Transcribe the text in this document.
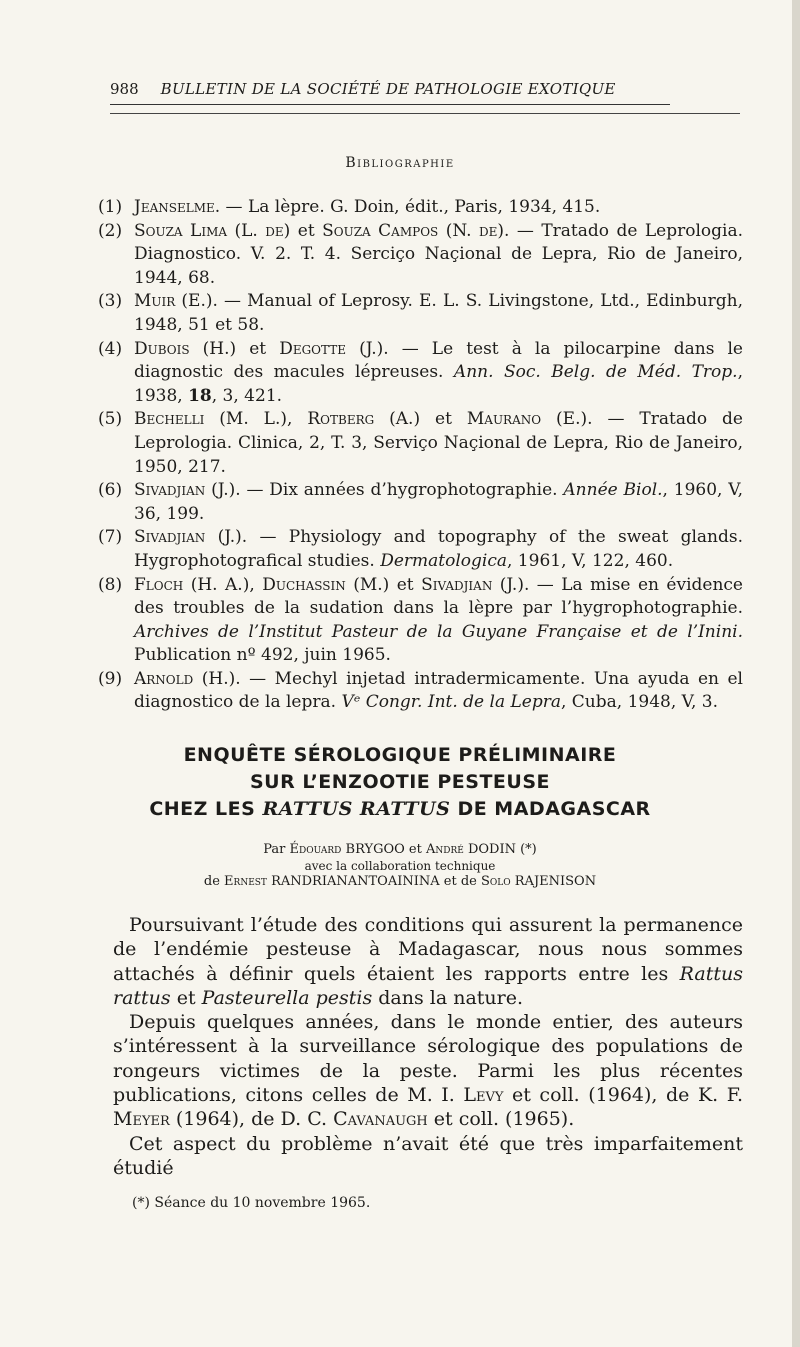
988 BULLETIN DE LA SOCIÉTÉ DE PATHOLOGIE EXOTIQUE
Bibliographie

(1) Jeanselme. — La lèpre. G. Doin, édit., Paris, 1934, 415.

(2) Souza Lima (L. de) et Souza Campos (N. de). — Tratado de Leprologia. Diagnostico. V. 2. T. 4. Serciço Naçional de Lepra, Rio de Janeiro, 1944, 68.

(3) Muir (E.). — Manual of Leprosy. E. L. S. Livingstone, Ltd., Edinburgh, 1948, 51 et 58.

(4) Dubois (H.) et Degotte (J.). — Le test à la pilocarpine dans le diagnostic des macules lépreuses. Ann. Soc. Belg. de Méd. Trop., 1938, 18, 3, 421.

(5) Bechelli (M. L.), Rotberg (A.) et Maurano (E.). — Tratado de Leprologia. Clinica, 2, T. 3, Serviço Naçional de Lepra, Rio de Janeiro, 1950, 217.

(6) Sivadjian (J.). — Dix années d’hygrophotographie. Année Biol., 1960, V, 36, 199.

(7) Sivadjian (J.). — Physiology and topography of the sweat glands. Hygrophotografical studies. Dermatologica, 1961, V, 122, 460.

(8) Floch (H. A.), Duchassin (M.) et Sivadjian (J.). — La mise en évidence des troubles de la sudation dans la lèpre par l’hygrophotographie. Archives de l’Institut Pasteur de la Guyane Française et de l’Inini. Publication nº 492, juin 1965.

(9) Arnold (H.). — Mechyl injetad intradermicamente. Una ayuda en el diagnostico de la lepra. Vᵉ Congr. Int. de la Lepra, Cuba, 1948, V, 3.

ENQUÊTE SÉROLOGIQUE PRÉLIMINAIRE
SUR L’ENZOOTIE PESTEUSE
CHEZ LES RATTUS RATTUS DE MADAGASCAR
Par Édouard BRYGOO et André DODIN (*)
avec la collaboration technique
de Ernest RANDRIANANTOAININA et de Solo RAJENISON

Poursuivant l’étude des conditions qui assurent la permanence de l’endémie pesteuse à Madagascar, nous nous sommes attachés à définir quels étaient les rapports entre les Rattus rattus et Pasteurella pestis dans la nature.

Depuis quelques années, dans le monde entier, des auteurs s’intéressent à la surveillance sérologique des populations de rongeurs victimes de la peste. Parmi les plus récentes publications, citons celles de M. I. Levy et coll. (1964), de K. F. Meyer (1964), de D. C. Cavanaugh et coll. (1965).

Cet aspect du problème n’avait été que très imparfaitement étudié

(*) Séance du 10 novembre 1965.
